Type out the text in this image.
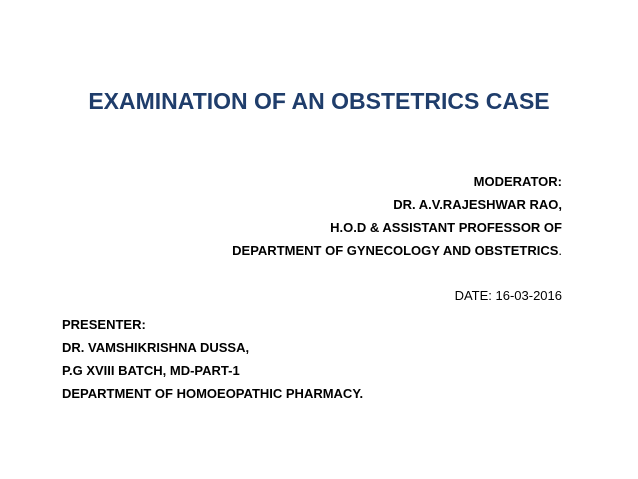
EXAMINATION OF AN OBSTETRICS CASE
MODERATOR:
DR. A.V.RAJESHWAR RAO,
H.O.D & ASSISTANT PROFESSOR OF
DEPARTMENT OF GYNECOLOGY AND OBSTETRICS.
DATE: 16-03-2016
PRESENTER:
DR. VAMSHIKRISHNA DUSSA,
P.G XVIII BATCH, MD-PART-1
DEPARTMENT OF HOMOEOPATHIC PHARMACY.
